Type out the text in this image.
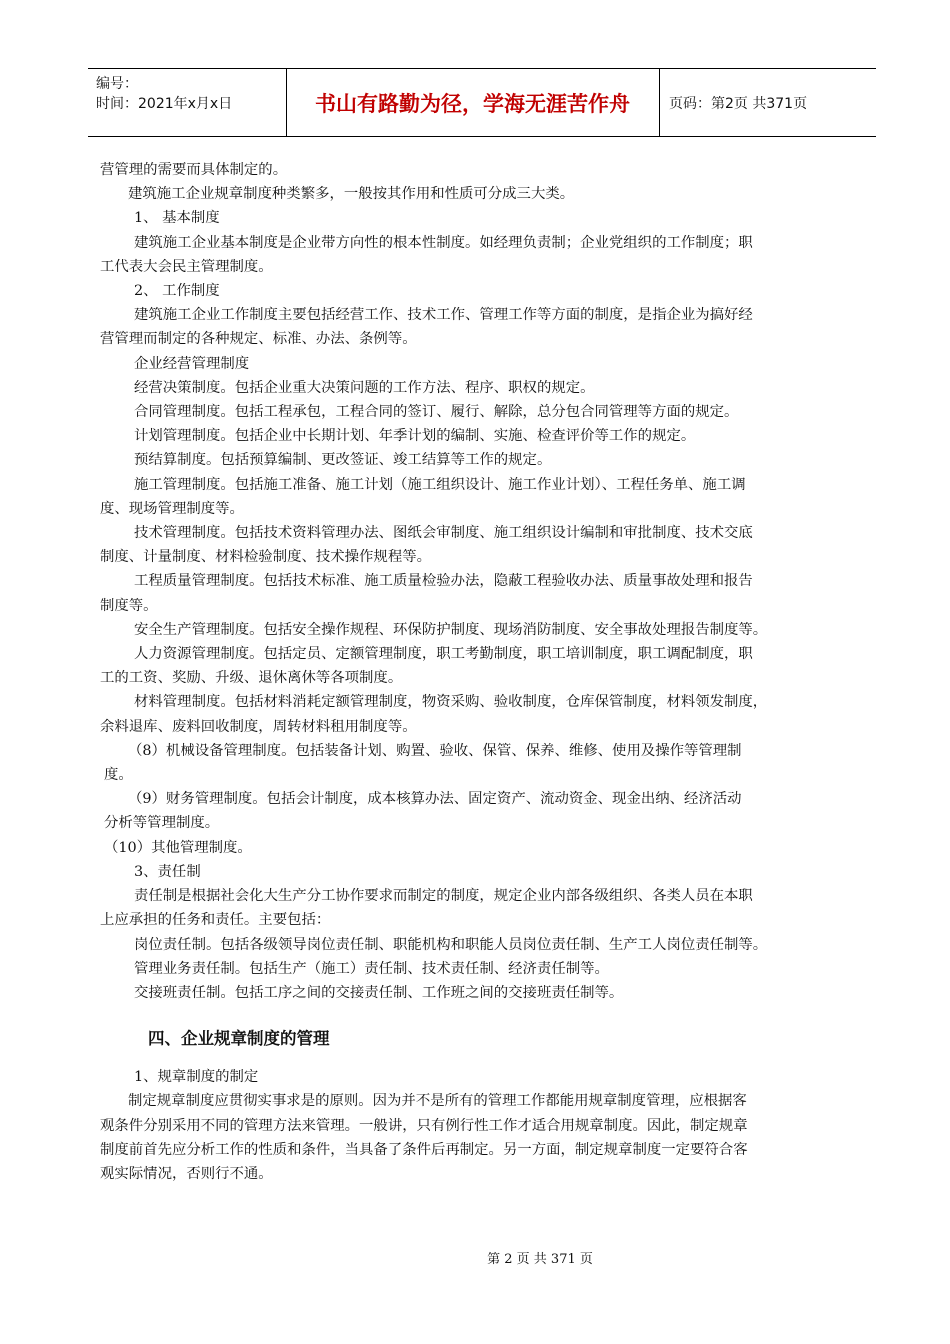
编号：
时间：2021年x月x日	书山有路勤为径，学海无涯苦作舟	页码：第2页 共371页

营管理的需要而具体制定的。

建筑施工企业规章制度种类繁多，一般按其作用和性质可分成三大类。

1、 基本制度

建筑施工企业基本制度是企业带方向性的根本性制度。如经理负责制；企业党组织的工作制度；职

工代表大会民主管理制度。

2、 工作制度

建筑施工企业工作制度主要包括经营工作、技术工作、管理工作等方面的制度，是指企业为搞好经

营管理而制定的各种规定、标准、办法、条例等。

企业经营管理制度

经营决策制度。包括企业重大决策问题的工作方法、程序、职权的规定。

合同管理制度。包括工程承包，工程合同的签订、履行、解除，总分包合同管理等方面的规定。

计划管理制度。包括企业中长期计划、年季计划的编制、实施、检查评价等工作的规定。

预结算制度。包括预算编制、更改签证、竣工结算等工作的规定。

施工管理制度。包括施工准备、施工计划（施工组织设计、施工作业计划）、工程任务单、施工调

度、现场管理制度等。

技术管理制度。包括技术资料管理办法、图纸会审制度、施工组织设计编制和审批制度、技术交底

制度、计量制度、材料检验制度、技术操作规程等。

工程质量管理制度。包括技术标准、施工质量检验办法，隐蔽工程验收办法、质量事故处理和报告

制度等。

安全生产管理制度。包括安全操作规程、环保防护制度、现场消防制度、安全事故处理报告制度等。

人力资源管理制度。包括定员、定额管理制度，职工考勤制度，职工培训制度，职工调配制度，职

工的工资、奖励、升级、退休离休等各项制度。

材料管理制度。包括材料消耗定额管理制度，物资采购、验收制度，仓库保管制度，材料领发制度，

余料退库、废料回收制度，周转材料租用制度等。

（8）机械设备管理制度。包括装备计划、购置、验收、保管、保养、维修、使用及操作等管理制

度。

（9）财务管理制度。包括会计制度，成本核算办法、固定资产、流动资金、现金出纳、经济活动

分析等管理制度。

（10）其他管理制度。

3、责任制

责任制是根据社会化大生产分工协作要求而制定的制度，规定企业内部各级组织、各类人员在本职

上应承担的任务和责任。主要包括：

岗位责任制。包括各级领导岗位责任制、职能机构和职能人员岗位责任制、生产工人岗位责任制等。

管理业务责任制。包括生产（施工）责任制、技术责任制、经济责任制等。

交接班责任制。包括工序之间的交接责任制、工作班之间的交接班责任制等。

四、企业规章制度的管理

1、规章制度的制定

制定规章制度应贯彻实事求是的原则。因为并不是所有的管理工作都能用规章制度管理，应根据客

观条件分别采用不同的管理方法来管理。一般讲，只有例行性工作才适合用规章制度。因此，制定规章

制度前首先应分析工作的性质和条件，当具备了条件后再制定。另一方面，制定规章制度一定要符合客

观实际情况，否则行不通。

第 2 页 共 371 页
